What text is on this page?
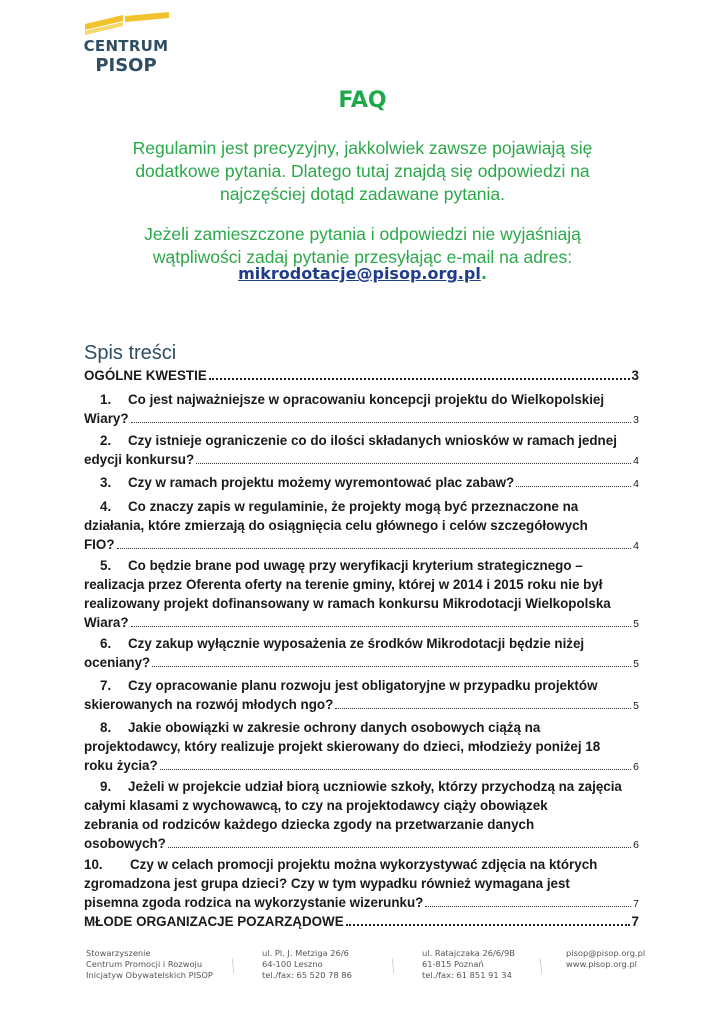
CENTRUM
PISOP
FAQ
Regulamin jest precyzyjny, jakkolwiek zawsze pojawiają się
dodatkowe pytania. Dlatego tutaj znajdą się odpowiedzi na
najczęściej dotąd zadawane pytania.
Jeżeli zamieszczone pytania i odpowiedzi nie wyjaśniają
wątpliwości zadaj pytanie przesyłając e-mail na adres:
mikrodotacje@pisop.org.pl.
Spis treści
OGÓLNE KWESTIE	3
1. Co jest najważniejsze w opracowaniu koncepcji projektu do Wielkopolskiej
Wiary?	3
2. Czy istnieje ograniczenie co do ilości składanych wniosków w ramach jednej
edycji konkursu?	4
3.	Czy w ramach projektu możemy wyremontować plac zabaw?	4
4. Co znaczy zapis w regulaminie, że projekty mogą być przeznaczone na
działania, które zmierzają do osiągnięcia celu głównego i celów szczegółowych
FIO?	4
5. Co będzie brane pod uwagę przy weryfikacji kryterium strategicznego –
realizacja przez Oferenta oferty na terenie gminy, której w 2014 i 2015 roku nie był
realizowany projekt dofinansowany w ramach konkursu Mikrodotacji Wielkopolska
Wiara?	5
6. Czy zakup wyłącznie wyposażenia ze środków Mikrodotacji będzie niżej
oceniany?	5
7. Czy opracowanie planu rozwoju jest obligatoryjne w przypadku projektów
skierowanych na rozwój młodych ngo?	5
8. Jakie obowiązki w zakresie ochrony danych osobowych ciążą na
projektodawcy, który realizuje projekt skierowany do dzieci, młodzieży poniżej 18
roku życia?	6
9. Jeżeli w projekcie udział biorą uczniowie szkoły, którzy przychodzą na zajęcia
całymi klasami z wychowawcą, to czy na projektodawcy ciąży obowiązek
zebrania od rodziców każdego dziecka zgody na przetwarzanie danych
osobowych?	6
10. Czy w celach promocji projektu można wykorzystywać zdjęcia na których
zgromadzona jest grupa dzieci? Czy w tym wypadku również wymagana jest
pisemna zgoda rodzica na wykorzystanie wizerunku?	7
MŁODE ORGANIZACJE POZARZĄDOWE	7
Stowarzyszenie
Centrum Promocji i Rozwoju
Inicjatyw Obywatelskich PISOP
ul. Pl. J. Metziga 26/6
64-100 Leszno
tel./fax: 65 520 78 86
ul. Ratajczaka 26/6/9B
61-815 Poznań
tel./fax: 61 851 91 34
pisop@pisop.org.pl
www.pisop.org.pl
